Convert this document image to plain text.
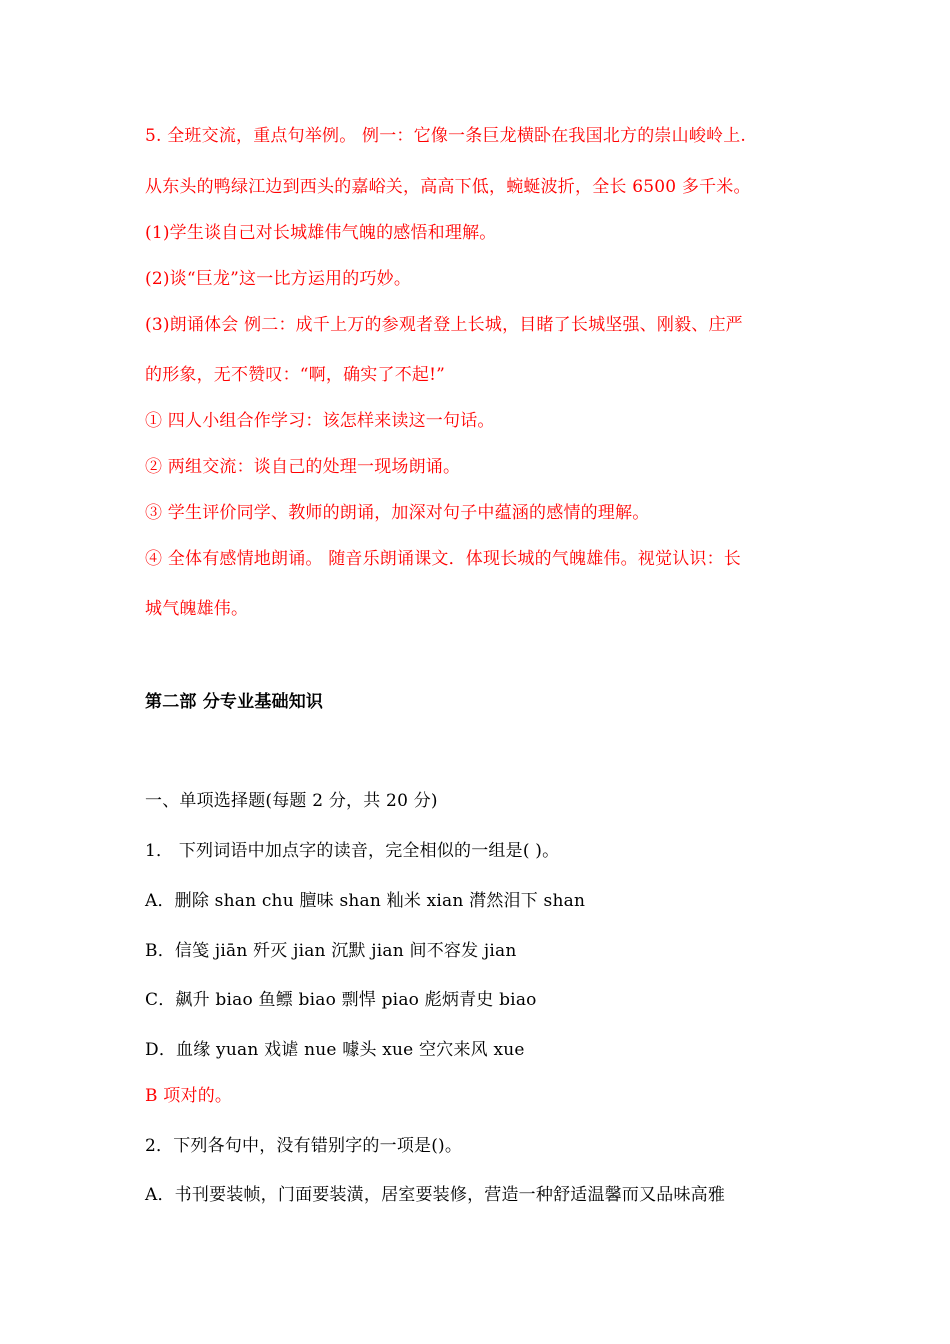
5. 全班交流，重点句举例。 例一：它像一条巨龙横卧在我国北方的崇山峻岭上.
从东头的鸭绿江边到西头的嘉峪关，高高下低，蜿蜒波折，全长 6500 多千米。
(1)学生谈自己对长城雄伟气魄的感悟和理解。
(2)谈“巨龙”这一比方运用的巧妙。
(3)朗诵体会 例二：成千上万的参观者登上长城，目睹了长城坚强、刚毅、庄严
的形象，无不赞叹：“啊，确实了不起!”
① 四人小组合作学习：该怎样来读这一句话。
② 两组交流：谈自己的处理一现场朗诵。
③ 学生评价同学、教师的朗诵，加深对句子中蕴涵的感情的理解。
④ 全体有感情地朗诵。 随音乐朗诵课文．体现长城的气魄雄伟。视觉认识：长
城气魄雄伟。
第二部 分专业基础知识
一、单项选择题(每题 2 分，共 20 分)
1． 下列词语中加点字的读音，完全相似的一组是( )。
A．删除 shan chu 膻味 shan 籼米 xian 潸然泪下 shan
B．信笺 jiān 歼灭 jian 沉默 jian 间不容发 jian
C．飙升 biao 鱼鳔 biao 剽悍 piao 彪炳青史 biao
D．血缘 yuan 戏谑 nue 噱头 xue 空穴来风 xue
B 项对的。
2．下列各句中，没有错别字的一项是()。
A．书刊要装帧，门面要装潢，居室要装修，营造一种舒适温馨而又品味高雅
